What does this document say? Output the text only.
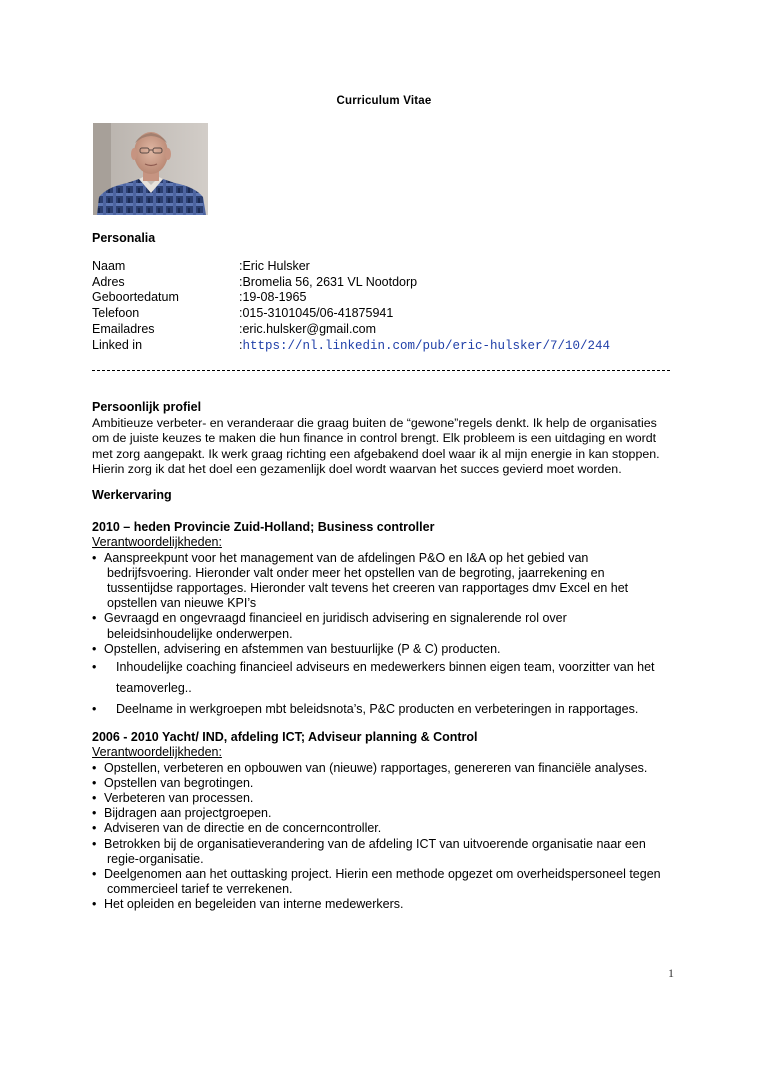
Curriculum Vitae
Personalia
Naam	:Eric Hulsker
Adres	:Bromelia 56, 2631 VL Nootdorp
Geboortedatum	:19-08-1965
Telefoon	:015-3101045/06-41875941
Emailadres	:eric.hulsker@gmail.com
Linked in	:https://nl.linkedin.com/pub/eric-hulsker/7/10/244
Persoonlijk profiel
Ambitieuze verbeter- en veranderaar die graag buiten de “gewone”regels denkt. Ik help de organisaties
om de juiste keuzes te maken die hun finance in control brengt. Elk probleem is een uitdaging en wordt
met zorg aangepakt. Ik werk graag richting een afgebakend doel waar ik al mijn energie in kan stoppen.
Hierin zorg ik dat het doel een gezamenlijk doel wordt waarvan het succes gevierd moet worden.
Werkervaring
2010 – heden Provincie Zuid-Holland; Business controller
Verantwoordelijkheden:
• Aanspreekpunt voor het management van de afdelingen P&O en I&A op het gebied van
bedrijfsvoering. Hieronder valt onder meer het opstellen van de begroting, jaarrekening en
tussentijdse rapportages. Hieronder valt tevens het creeren van rapportages dmv Excel en het
opstellen van nieuwe KPI’s
• Gevraagd en ongevraagd financieel en juridisch advisering en signalerende rol over
beleidsinhoudelijke onderwerpen.
• Opstellen, advisering en afstemmen van bestuurlijke (P & C) producten.
•	Inhoudelijke coaching financieel adviseurs en medewerkers binnen eigen team, voorzitter van het
teamoverleg..
•	Deelname in werkgroepen mbt beleidsnota’s, P&C producten en verbeteringen in rapportages.
2006 - 2010 Yacht/ IND, afdeling ICT; Adviseur planning & Control
Verantwoordelijkheden:
• Opstellen, verbeteren en opbouwen van (nieuwe) rapportages, genereren van financiële analyses.
• Opstellen van begrotingen.
• Verbeteren van processen.
• Bijdragen aan projectgroepen.
• Adviseren van de directie en de concerncontroller.
• Betrokken bij de organisatieverandering van de afdeling ICT van uitvoerende organisatie naar een
regie-organisatie.
• Deelgenomen aan het outtasking project. Hierin een methode opgezet om overheidspersoneel tegen
commercieel tarief te verrekenen.
• Het opleiden en begeleiden van interne medewerkers.
1
